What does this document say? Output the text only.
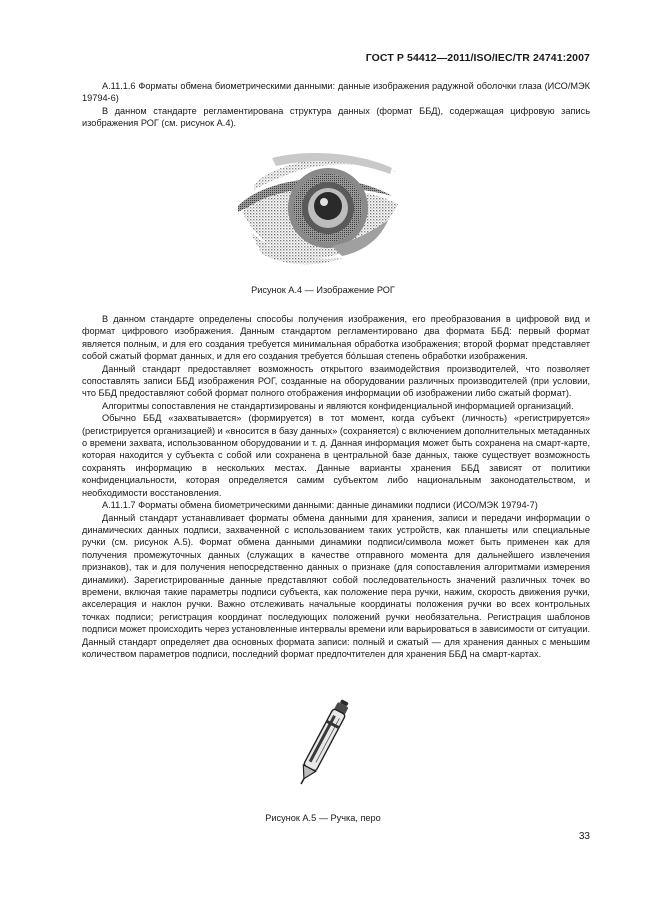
ГОСТ Р 54412—2011/ISO/IEC/TR 24741:2007

А.11.1.6 Форматы обмена биометрическими данными: данные изображения радужной оболочки глаза (ИСО/МЭК 19794-6)

В данном стандарте регламентирована структура данных (формат ББД), содержащая цифровую запись изображения РОГ (см. рисунок А.4).

Рисунок А.4 — Изображение РОГ

В данном стандарте определены способы получения изображения, его преобразования в цифровой вид и формат цифрового изображения. Данным стандартом регламентировано два формата ББД: первый формат является полным, и для его создания требуется минимальная обработка изображения; второй формат представляет собой сжатый формат данных, и для его создания требуется бо́льшая степень обработки изображения.

Данный стандарт предоставляет возможность открытого взаимодействия производителей, что позволяет сопоставлять записи ББД изображения РОГ, созданные на оборудовании различных производителей (при условии, что ББД предоставляют собой формат полного отображения информации об изображении либо сжатый формат).

Алгоритмы сопоставления не стандартизированы и являются конфиденциальной информацией организаций.

Обычно ББД «захватывается» (формируется) в тот момент, когда субъект (личность) «регистрируется» (регистрируется организацией) и «вносится в базу данных» (сохраняется) с включением дополнительных метаданных о времени захвата, использованном оборудовании и т. д. Данная информация может быть сохранена на смарт-карте, которая находится у субъекта с собой или сохранена в центральной базе данных, также существует возможность сохранять информацию в нескольких местах. Данные варианты хранения ББД зависят от политики конфиденциальности, которая определяется самим субъектом либо национальным законодательством, и необходимости восстановления.

А.11.1.7 Форматы обмена биометрическими данными: данные динамики подписи (ИСО/МЭК 19794-7)

Данный стандарт устанавливает форматы обмена данными для хранения, записи и передачи информации о динамических данных подписи, захваченной с использованием таких устройств, как планшеты или специальные ручки (см. рисунок А.5). Формат обмена данными динамики подписи/символа может быть применен как для получения промежуточных данных (служащих в качестве отправного момента для дальнейшего извлечения признаков), так и для получения непосредственно данных о признаке (для сопоставления алгоритмами измерения динамики). Зарегистрированные данные представляют собой последовательность значений различных точек во времени, включая такие параметры подписи субъекта, как положение пера ручки, нажим, скорость движения ручки, акселерация и наклон ручки. Важно отслеживать начальные координаты положения ручки во всех контрольных точках подписи; регистрация координат последующих положений ручки необязательна. Регистрация шаблонов подписи может происходить через установленные интервалы времени или варьироваться в зависимости от ситуации. Данный стандарт определяет два основных формата записи: полный и сжатый — для хранения данных с меньшим количеством параметров подписи, последний формат предпочтителен для хранения ББД на смарт-картах.

Рисунок А.5 — Ручка, перо
33
